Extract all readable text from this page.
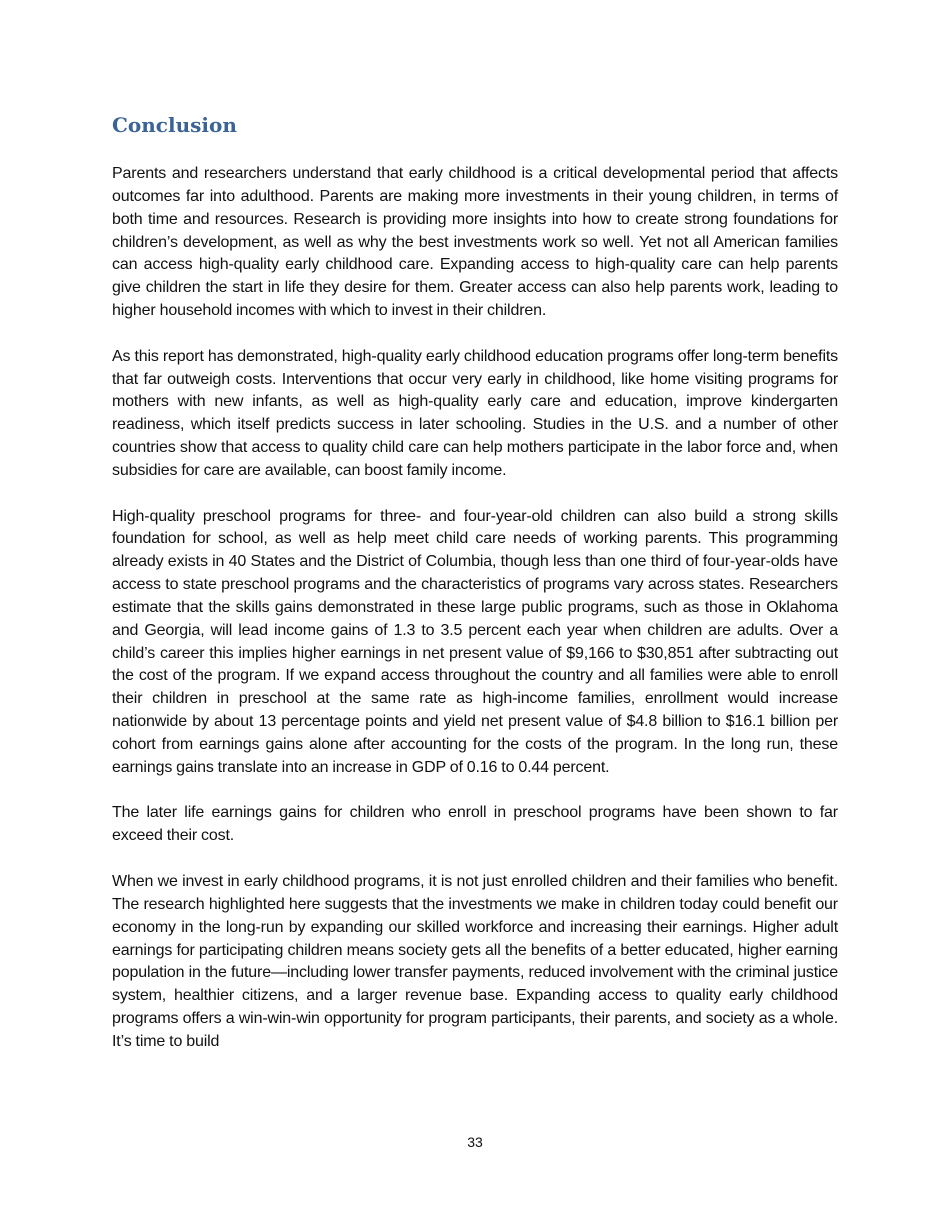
Conclusion

Parents and researchers understand that early childhood is a critical developmental period that affects outcomes far into adulthood. Parents are making more investments in their young children, in terms of both time and resources. Research is providing more insights into how to create strong foundations for children’s development, as well as why the best investments work so well. Yet not all American families can access high-quality early childhood care. Expanding access to high-quality care can help parents give children the start in life they desire for them. Greater access can also help parents work, leading to higher household incomes with which to invest in their children.

As this report has demonstrated, high-quality early childhood education programs offer long-term benefits that far outweigh costs. Interventions that occur very early in childhood, like home visiting programs for mothers with new infants, as well as high-quality early care and education, improve kindergarten readiness, which itself predicts success in later schooling. Studies in the U.S. and a number of other countries show that access to quality child care can help mothers participate in the labor force and, when subsidies for care are available, can boost family income.

High-quality preschool programs for three- and four-year-old children can also build a strong skills foundation for school, as well as help meet child care needs of working parents. This programming already exists in 40 States and the District of Columbia, though less than one third of four-year-olds have access to state preschool programs and the characteristics of programs vary across states. Researchers estimate that the skills gains demonstrated in these large public programs, such as those in Oklahoma and Georgia, will lead income gains of 1.3 to 3.5 percent each year when children are adults. Over a child’s career this implies higher earnings in net present value of $9,166 to $30,851 after subtracting out the cost of the program. If we expand access throughout the country and all families were able to enroll their children in preschool at the same rate as high-income families, enrollment would increase nationwide by about 13 percentage points and yield net present value of $4.8 billion to $16.1 billion per cohort from earnings gains alone after accounting for the costs of the program. In the long run, these earnings gains translate into an increase in GDP of 0.16 to 0.44 percent.

The later life earnings gains for children who enroll in preschool programs have been shown to far exceed their cost.

When we invest in early childhood programs, it is not just enrolled children and their families who benefit. The research highlighted here suggests that the investments we make in children today could benefit our economy in the long-run by expanding our skilled workforce and increasing their earnings. Higher adult earnings for participating children means society gets all the benefits of a better educated, higher earning population in the future—including lower transfer payments, reduced involvement with the criminal justice system, healthier citizens, and a larger revenue base. Expanding access to quality early childhood programs offers a win-win-win opportunity for program participants, their parents, and society as a whole. It’s time to build

33
